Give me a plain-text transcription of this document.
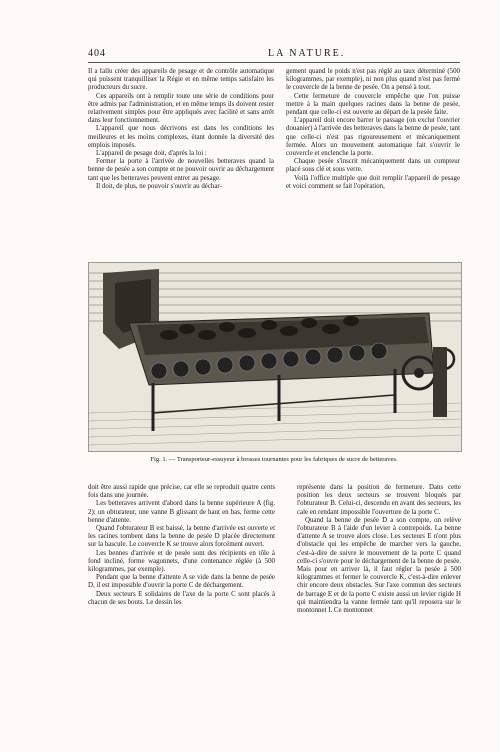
404	LA NATURE.

Il a fallu créer des appareils de pesage et de contrôle automatique qui puissent tranquilliser la Régie et en même temps satisfaire les producteurs du sucre.

Ces appareils ont à remplir toute une série de conditions pour être admis par l'administration, et en même temps ils doivent rester relativement simples pour être appliqués avec facilité et sans arrêt dans leur fonctionnement.

L'appareil que nous décrivons est dans les conditions les meilleures et les moins complexes, étant donnée la diversité des emplois imposés.

L'appareil de pesage doit, d'après la loi :

Fermer la porte à l'arrivée de nouvelles betteraves quand la benne de pesée a son compte et ne pouvoir ouvrir au déchargement tant que les betteraves peuvent entrer au pesage.

Il doit, de plus, ne pouvoir s'ouvrir au déchar-

gement quand le poids n'est pas réglé au taux déterminé (500 kilogrammes, par exemple), ni non plus quand n'est pas fermé le couvercle de la benne de pesée. On a pensé à tout.

Cette fermeture de couvercle empêche que l'on puisse mettre à la main quelques racines dans la benne de pesée, pendant que celle-ci est ouverte au départ de la pesée faite.

L'appareil doit encore barrer le passage (on exclut l'ouvrier douanier) à l'arrivée des betteraves dans la benne de pesée, tant que celle-ci n'est pas rigoureusement et mécaniquement fermée. Alors un mouvement automatique fait s'ouvrir le couvercle et enclenche la porte.

Chaque pesée s'inscrit mécaniquement dans un compteur placé sous clé et sous verre.

Voilà l'office multiple que doit remplir l'appareil de pesage et voici comment se fait l'opération,

Fig. 1. — Transporteur-essuyeur à brosses tournantes pour les fabriques de sucre de betteraves.

doit être aussi rapide que précise, car elle se reproduit quatre cents fois dans une journée.

Les betteraves arrivent d'abord dans la benne supérieure A (fig. 2); un obturateur, une vanne B glissant de haut en bas, ferme cette benne d'attente.

Quand l'obturateur B est baissé, la benne d'arrivée est ouverte et les racines tombent dans la benne de pesée D placée directement sur la bascule. Le couvercle K se trouve alors forcément ouvert.

Les bennes d'arrivée et de pesée sont des récipients en tôle à fond incliné, forme wagonnets, d'une contenance réglée (à 500 kilogrammes, par exemple).

Pendant que la benne d'attente A se vide dans la benne de pesée D, il est impossible d'ouvrir la porte C de déchargement.

Deux secteurs E solidaires de l'axe de la porte C sont placés à chacun de ses bouts. Le dessin les

représente dans la position de fermeture. Dans cette position les deux secteurs se trouvent bloqués par l'obturateur B. Celui-ci, descendu en avant des secteurs, les cale en rendant impossible l'ouverture de la porte C.

Quand la benne de pesée D a son compte, on relève l'obturateur B à l'aide d'un levier à contrepoids. La benne d'attente A se trouve alors close. Les secteurs E n'ont plus d'obstacle qui les empêche de marcher vers la gauche, c'est-à-dire de suivre le mouvement de la porte C quand celle-ci s'ouvre pour le déchargement de la benne de pesée. Mais pour en arriver là, il faut régler la pesée à 500 kilogrammes et fermer le couvercle K, c'est-à-dire enlever chir encore deux obstacles. Sur l'axe commun des secteurs de barrage E et de la porte C existe aussi un levier rigide H qui maintiendra la vanne fermée tant qu'il reposera sur le montonnet I. Ce montonnet
